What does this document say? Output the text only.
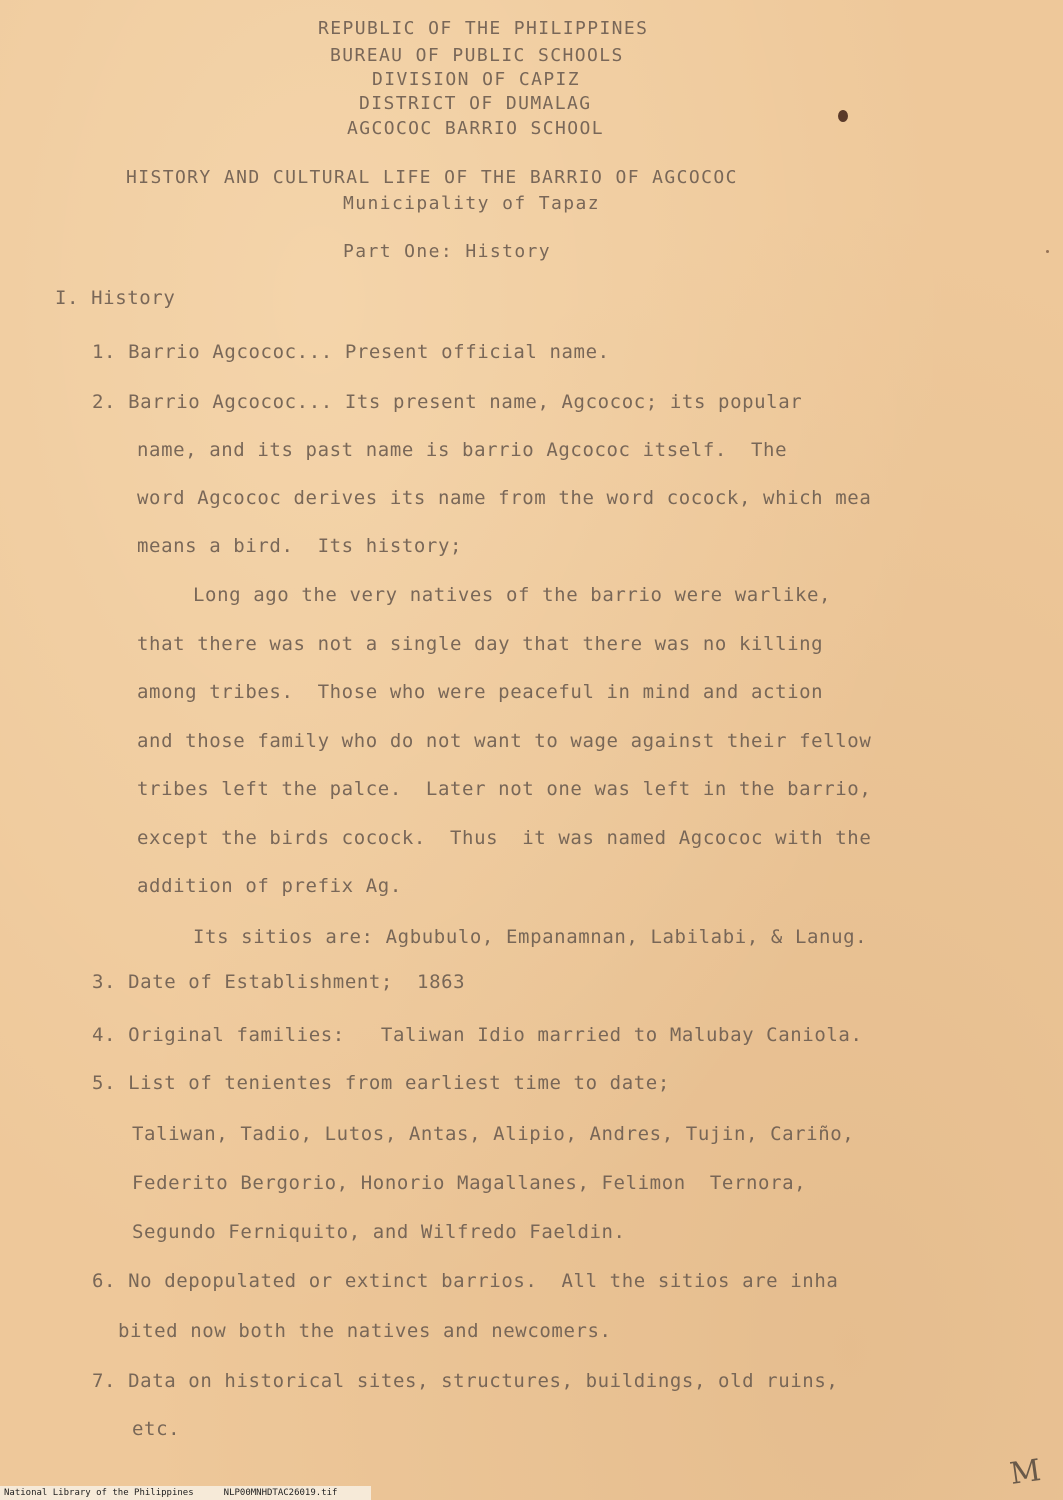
REPUBLIC OF THE PHILIPPINES
BUREAU OF PUBLIC SCHOOLS
DIVISION OF CAPIZ
DISTRICT OF DUMALAG
AGCOCOC BARRIO SCHOOL
HISTORY AND CULTURAL LIFE OF THE BARRIO OF AGCOCOC
Municipality of Tapaz
Part One: History
I. History
1. Barrio Agcococ... Present official name.
2. Barrio Agcococ... Its present name, Agcococ; its popular
name, and its past name is barrio Agcococ itself.  The
word Agcococ derives its name from the word cocock, which mea
means a bird.  Its history;
Long ago the very natives of the barrio were warlike,
that there was not a single day that there was no killing
among tribes.  Those who were peaceful in mind and action
and those family who do not want to wage against their fellow
tribes left the palce.  Later not one was left in the barrio,
except the birds cocock.  Thus  it was named Agcococ with the
addition of prefix Ag.
Its sitios are: Agbubulo, Empanamnan, Labilabi, & Lanug.
3. Date of Establishment;  1863
4. Original families:   Taliwan Idio married to Malubay Caniola.
5. List of tenientes from earliest time to date;
Taliwan, Tadio, Lutos, Antas, Alipio, Andres, Tujin, Cariño,
Federito Bergorio, Honorio Magallanes, Felimon  Ternora,
Segundo Ferniquito, and Wilfredo Faeldin.
6. No depopulated or extinct barrios.  All the sitios are inha
bited now both the natives and newcomers.
7. Data on historical sites, structures, buildings, old ruins,
etc.
M
National Library of the Philippines	NLP00MNHDTAC26019.tif
